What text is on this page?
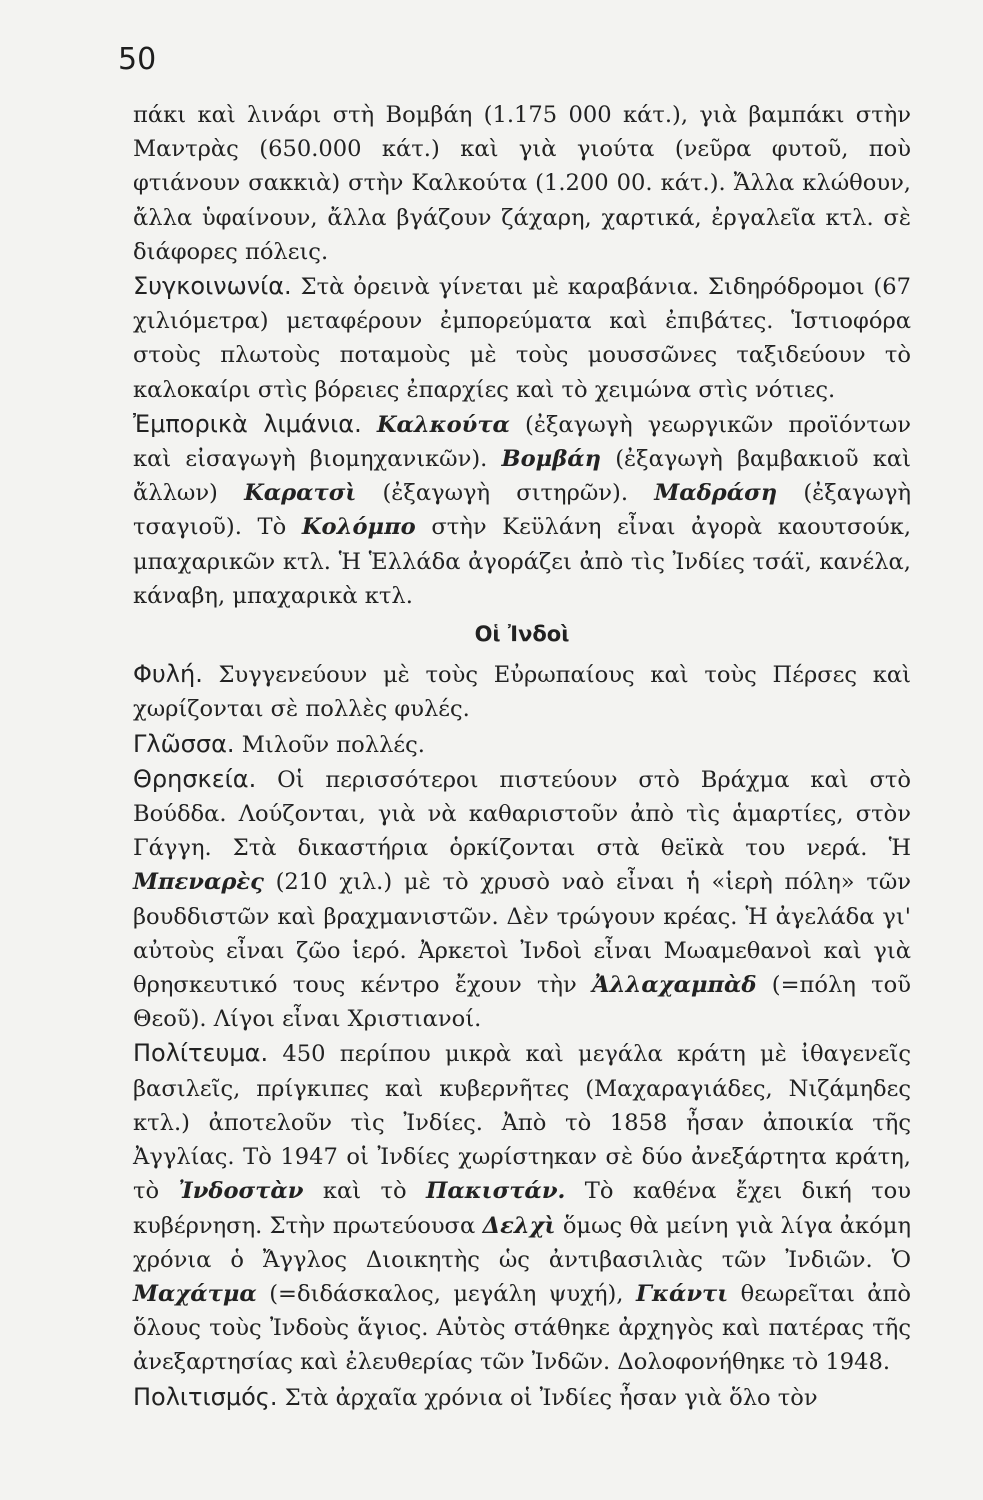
50

πάκι καὶ λινάρι στὴ Βομβάη (1.175 000 κάτ.), γιὰ βαμπάκι στὴν Μαντρὰς (650.000 κάτ.) καὶ γιὰ γιούτα (νεῦρα φυτοῦ, ποὺ φτιάνουν σακκιὰ) στὴν Καλκούτα (1.200 00. κάτ.). Ἄλλα κλώθουν, ἄλλα ὑφαίνουν, ἄλλα βγάζουν ζάχαρη, χαρτικά, ἐργαλεῖα κτλ. σὲ διάφορες πόλεις.

Συγκοινωνία. Στὰ ὀρεινὰ γίνεται μὲ καραβάνια. Σιδηρόδρομοι (67 χιλιόμετρα) μεταφέρουν ἐμπορεύματα καὶ ἐπιβάτες. Ἱστιοφόρα στοὺς πλωτοὺς ποταμοὺς μὲ τοὺς μουσσῶνες ταξιδεύουν τὸ καλοκαίρι στὶς βόρειες ἐπαρχίες καὶ τὸ χειμώνα στὶς νότιες.

Ἐμπορικὰ λιμάνια. Καλκούτα (ἐξαγωγὴ γεωργικῶν προϊόντων καὶ εἰσαγωγὴ βιομηχανικῶν). Βομβάη (ἐξαγωγὴ βαμβακιοῦ καὶ ἄλλων) Καρατσὶ (ἐξαγωγὴ σιτηρῶν). Μαδράση (ἐξαγωγὴ τσαγιοῦ). Τὸ Κολόμπο στὴν Κεϋλάνη εἶναι ἀγορὰ καουτσούκ, μπαχαρικῶν κτλ. Ἡ Ἑλλάδα ἀγοράζει ἀπὸ τὶς Ἰνδίες τσάϊ, κανέλα, κάναβη, μπαχαρικὰ κτλ.

Οἱ Ἰνδοὶ

Φυλή. Συγγενεύουν μὲ τοὺς Εὐρωπαίους καὶ τοὺς Πέρσες καὶ χωρίζονται σὲ πολλὲς φυλές.

Γλῶσσα. Μιλοῦν πολλές.

Θρησκεία. Οἱ περισσότεροι πιστεύουν στὸ Βράχμα καὶ στὸ Βούδδα. Λούζονται, γιὰ νὰ καθαριστοῦν ἀπὸ τὶς ἁμαρτίες, στὸν Γάγγη. Στὰ δικαστήρια ὁρκίζονται στὰ θεϊκὰ του νερά. Ἡ Μπεναρὲς (210 χιλ.) μὲ τὸ χρυσὸ ναὸ εἶναι ἡ «ἱερὴ πόλη» τῶν βουδδιστῶν καὶ βραχμανιστῶν. Δὲν τρώγουν κρέας. Ἡ ἀγελάδα γι' αὐτοὺς εἶναι ζῶο ἱερό. Ἀρκετοὶ Ἰνδοὶ εἶναι Μωαμεθανοὶ καὶ γιὰ θρησκευτικό τους κέντρο ἔχουν τὴν Ἀλλαχαμπὰδ (=πόλη τοῦ Θεοῦ). Λίγοι εἶναι Χριστιανοί.

Πολίτευμα. 450 περίπου μικρὰ καὶ μεγάλα κράτη μὲ ἰθαγενεῖς βασιλεῖς, πρίγκιπες καὶ κυβερνῆτες (Μαχαραγιάδες, Νιζάμηδες κτλ.) ἀποτελοῦν τὶς Ἰνδίες. Ἀπὸ τὸ 1858 ἦσαν ἀποικία τῆς Ἀγγλίας. Τὸ 1947 οἱ Ἰνδίες χωρίστηκαν σὲ δύο ἀνεξάρτητα κράτη, τὸ Ἰνδοστὰν καὶ τὸ Πακιστάν. Τὸ καθένα ἔχει δική του κυβέρνηση. Στὴν πρωτεύουσα Δελχὶ ὅμως θὰ μείνη γιὰ λίγα ἀκόμη χρόνια ὁ Ἄγγλος Διοικητὴς ὡς ἀντιβασιλιὰς τῶν Ἰνδιῶν. Ὁ Μαχάτμα (=διδάσκαλος, μεγάλη ψυχή), Γκάντι θεωρεῖται ἀπὸ ὅλους τοὺς Ἰνδοὺς ἅγιος. Αὐτὸς στάθηκε ἀρχηγὸς καὶ πατέρας τῆς ἀνεξαρτησίας καὶ ἐλευθερίας τῶν Ἰνδῶν. Δολοφονήθηκε τὸ 1948.

Πολιτισμός. Στὰ ἀρχαῖα χρόνια οἱ Ἰνδίες ἦσαν γιὰ ὅλο τὸν
